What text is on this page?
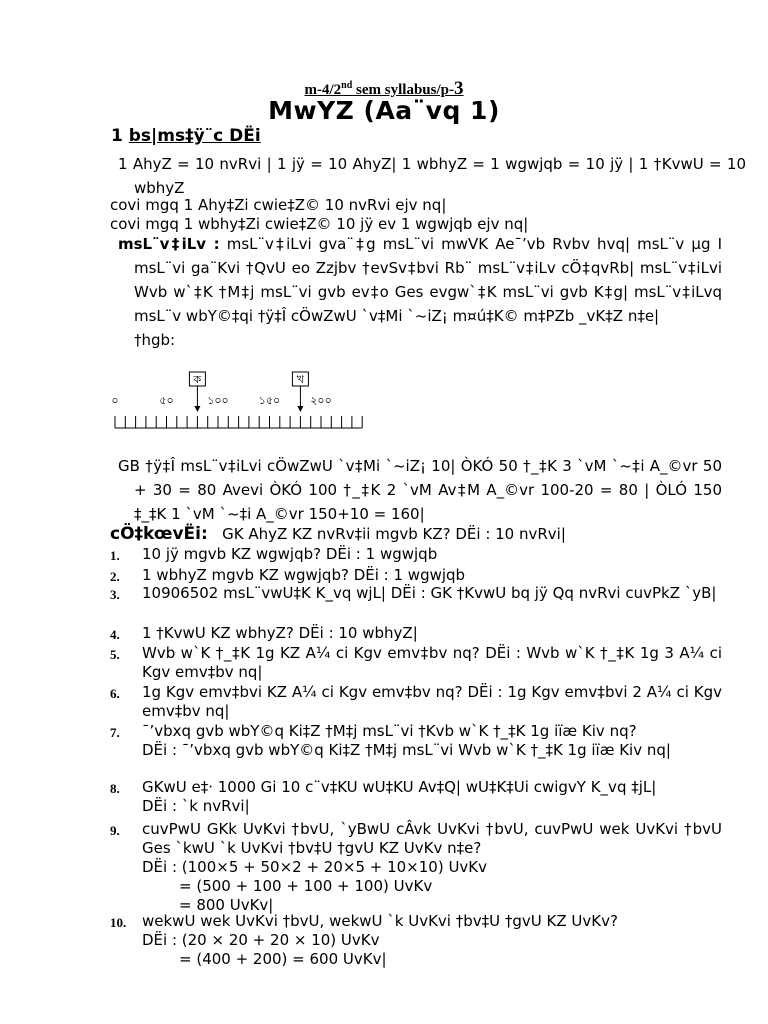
m-4/2nd sem syllabus/p-3
MwYZ (Aa¨vq 1)
1 bs|ms‡ÿ¨c DËi
1 AhyZ = 10 nvRvi | 1 jÿ = 10 AhyZ| 1 wbhyZ = 1 wgwjqb = 10 jÿ | 1 †KvwU = 10 wbhyZ
covi mgq 1 Ahy‡Zi cwie‡Z© 10 nvRvi ejv nq|
covi mgq 1 wbhy‡Zi cwie‡Z© 10 jÿ ev 1 wgwjqb ejv nq|
msL¨v‡iLv : msL¨v‡iLvi gva¨‡g msL¨vi mwVK Ae¯’vb Rvbv hvq| msL¨v µg I msL¨vi ga¨Kvi †QvU eo Zzjbv †evSv‡bvi Rb¨ msL¨v‡iLv cÖ‡qvRb| msL¨v‡iLvi Wvb w`‡K †M‡j msL¨vi gvb ev‡o Ges evgw`‡K msL¨vi gvb K‡g| msL¨v‡iLvq msL¨v wbY©‡qi †ÿ‡Î cÖwZwU `v‡Mi `~iZ¡ m¤ú‡K© m‡PZb _vK‡Z n‡e|
†hgb:
০	৫০	১০০	১৫০	২০০
ক	খ
GB †ÿ‡Î msL¨v‡iLvi cÖwZwU `v‡Mi `~iZ¡ 10| ÒKÓ 50 †_‡K 3 `vM `~‡i A_©vr 50 + 30 = 80 Avevi ÒKÓ 100 †_‡K 2 `vM Av‡M A_©vr 100-20 = 80 | ÒLÓ 150 ‡_‡K 1 `vM `~‡i A_©vr 150+10 = 160|
cÖ‡kœvËi: GK AhyZ KZ nvRv‡ii mgvb KZ? DËi : 10 nvRvi|
1. 10 jÿ mgvb KZ wgwjqb? DËi : 1 wgwjqb
2. 1 wbhyZ mgvb KZ wgwjqb? DËi : 1 wgwjqb
3. 10906502 msL¨vwU‡K K_vq wjL| DËi : GK †KvwU bq jÿ Qq nvRvi cuvPkZ `yB|
4. 1 †KvwU KZ wbhyZ? DËi : 10 wbhyZ|
5. Wvb w`K †_‡K 1g KZ A¼ ci Kgv emv‡bv nq? DËi : Wvb w`K †_‡K 1g 3 A¼ ci Kgv emv‡bv nq|
6. 1g Kgv emv‡bvi KZ A¼ ci Kgv emv‡bv nq? DËi : 1g Kgv emv‡bvi 2 A¼ ci Kgv emv‡bv nq|
7. ¯’vbxq gvb wbY©q Ki‡Z †M‡j msL¨vi †Kvb w`K †_‡K 1g iïæ Kiv nq?
DËi : ¯’vbxq gvb wbY©q Ki‡Z †M‡j msL¨vi Wvb w`K †_‡K 1g iïæ Kiv nq|
8. GKwU e‡· 1000 Gi 10 c¨v‡KU wU‡KU Av‡Q| wU‡K‡Ui cwigvY K_vq ‡jL|
DËi : `k nvRvi|
9. cuvPwU GKk UvKvi †bvU, `yBwU cÂvk UvKvi †bvU, cuvPwU wek UvKvi †bvU Ges `kwU `k UvKvi †bv‡U †gvU KZ UvKv n‡e?
DËi : (100×5 + 50×2 + 20×5 + 10×10) UvKv
= (500 + 100 + 100 + 100) UvKv
= 800 UvKv|
10. wekwU wek UvKvi †bvU, wekwU `k UvKvi †bv‡U †gvU KZ UvKv?
DËi : (20 × 20 + 20 × 10) UvKv
= (400 + 200) = 600 UvKv|
